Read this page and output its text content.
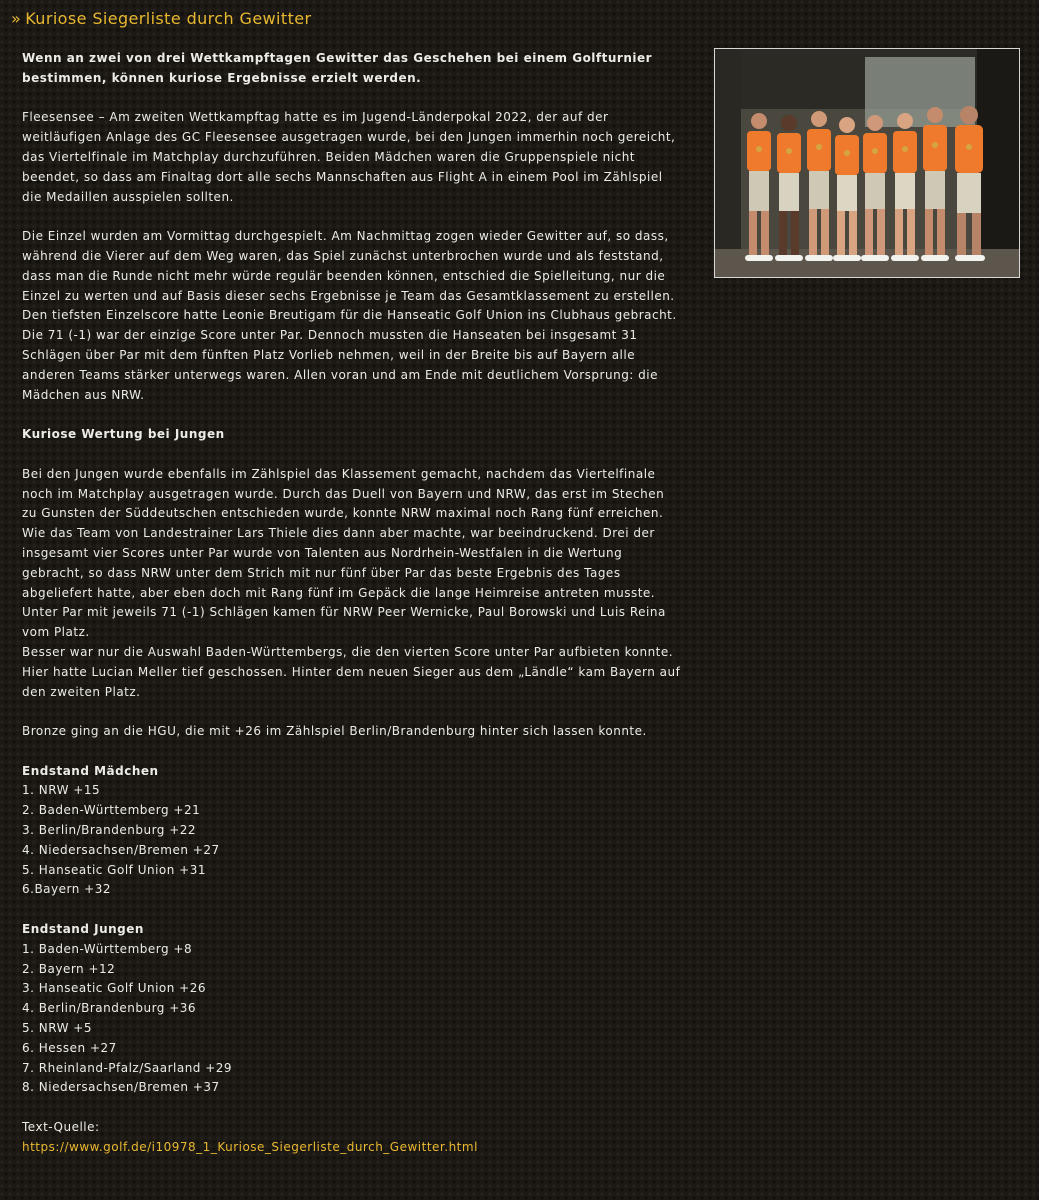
» Kuriose Siegerliste durch Gewitter

Wenn an zwei von drei Wettkampftagen Gewitter das Geschehen bei einem Golfturnier bestimmen, können kuriose Ergebnisse erzielt werden.

Fleesensee – Am zweiten Wettkampftag hatte es im Jugend-Länderpokal 2022, der auf der weitläufigen Anlage des GC Fleesensee ausgetragen wurde, bei den Jungen immerhin noch gereicht, das Viertelfinale im Matchplay durchzuführen. Beiden Mädchen waren die Gruppenspiele nicht beendet, so dass am Finaltag dort alle sechs Mannschaften aus Flight A in einem Pool im Zählspiel die Medaillen ausspielen sollten.

Die Einzel wurden am Vormittag durchgespielt. Am Nachmittag zogen wieder Gewitter auf, so dass, während die Vierer auf dem Weg waren, das Spiel zunächst unterbrochen wurde und als feststand, dass man die Runde nicht mehr würde regulär beenden können, entschied die Spielleitung, nur die Einzel zu werten und auf Basis dieser sechs Ergebnisse je Team das Gesamtklassement zu erstellen. Den tiefsten Einzelscore hatte Leonie Breutigam für die Hanseatic Golf Union ins Clubhaus gebracht. Die 71 (-1) war der einzige Score unter Par. Dennoch mussten die Hanseaten bei insgesamt 31 Schlägen über Par mit dem fünften Platz Vorlieb nehmen, weil in der Breite bis auf Bayern alle anderen Teams stärker unterwegs waren. Allen voran und am Ende mit deutlichem Vorsprung: die Mädchen aus NRW.

Kuriose Wertung bei Jungen

Bei den Jungen wurde ebenfalls im Zählspiel das Klassement gemacht, nachdem das Viertelfinale noch im Matchplay ausgetragen wurde. Durch das Duell von Bayern und NRW, das erst im Stechen zu Gunsten der Süddeutschen entschieden wurde, konnte NRW maximal noch Rang fünf erreichen. Wie das Team von Landestrainer Lars Thiele dies dann aber machte, war beeindruckend. Drei der insgesamt vier Scores unter Par wurde von Talenten aus Nordrhein-Westfalen in die Wertung gebracht, so dass NRW unter dem Strich mit nur fünf über Par das beste Ergebnis des Tages abgeliefert hatte, aber eben doch mit Rang fünf im Gepäck die lange Heimreise antreten musste. Unter Par mit jeweils 71 (-1) Schlägen kamen für NRW Peer Wernicke, Paul Borowski und Luis Reina vom Platz.

Besser war nur die Auswahl Baden-Württembergs, die den vierten Score unter Par aufbieten konnte. Hier hatte Lucian Meller tief geschossen. Hinter dem neuen Sieger aus dem „Ländle“ kam Bayern auf den zweiten Platz.

Bronze ging an die HGU, die mit +26 im Zählspiel Berlin/Brandenburg hinter sich lassen konnte.

Endstand Mädchen

1. NRW +15

2. Baden-Württemberg +21

3. Berlin/Brandenburg +22

4. Niedersachsen/Bremen +27

5. Hanseatic Golf Union +31

6.Bayern +32

Endstand Jungen

1. Baden-Württemberg +8

2. Bayern +12

3. Hanseatic Golf Union +26

4. Berlin/Brandenburg +36

5. NRW +5

6. Hessen +27

7. Rheinland-Pfalz/Saarland +29

8. Niedersachsen/Bremen +37

Text-Quelle:

https://www.golf.de/i10978_1_Kuriose_Siegerliste_durch_Gewitter.html
